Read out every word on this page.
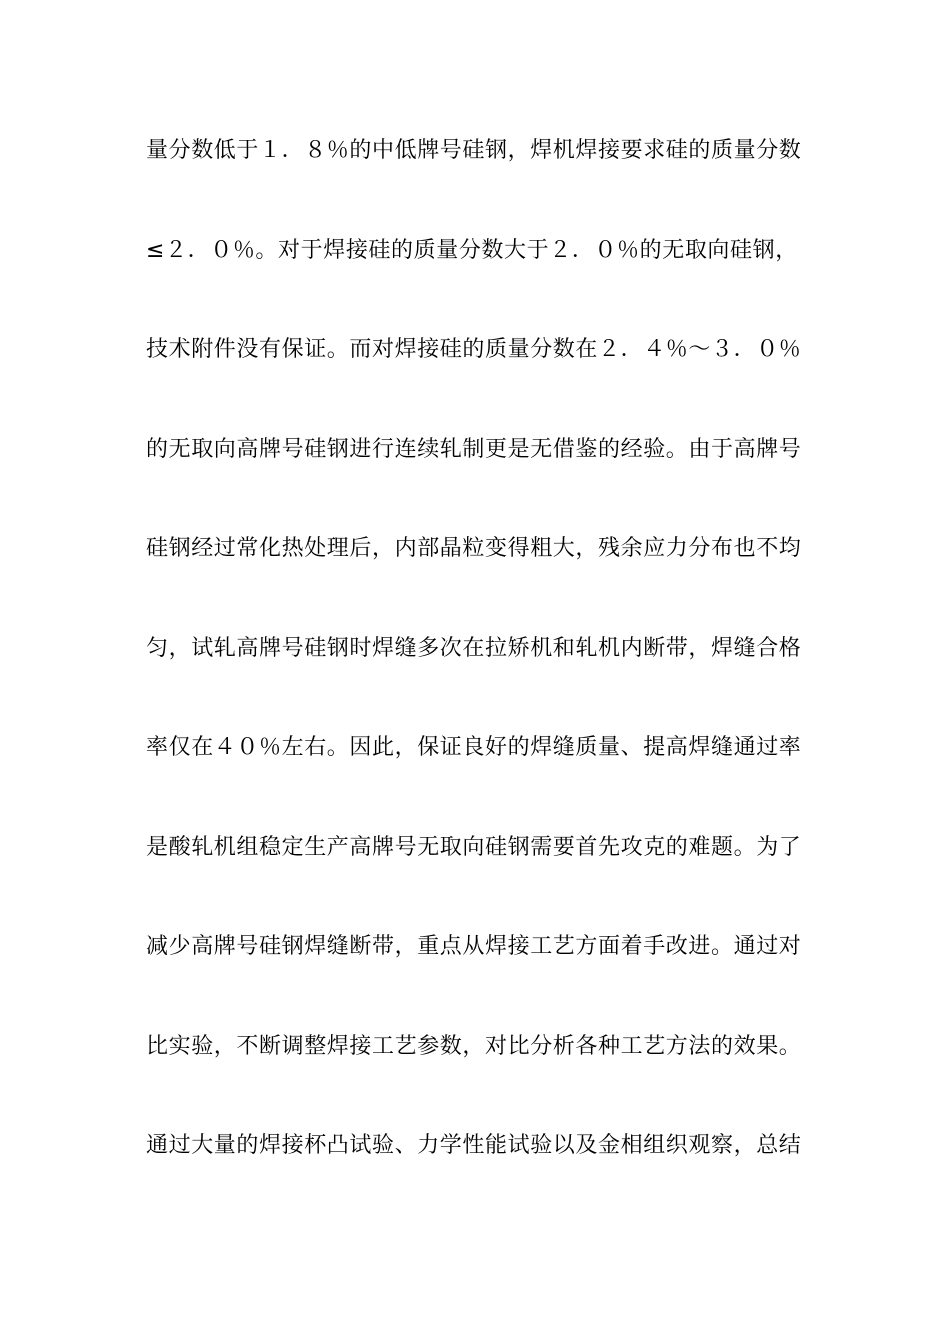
量分数低于１．８％的中低牌号硅钢，焊机焊接要求硅的质量分数
≤２．０％。对于焊接硅的质量分数大于２．０％的无取向硅钢，
技术附件没有保证。而对焊接硅的质量分数在２．４％～３．０％
的无取向高牌号硅钢进行连续轧制更是无借鉴的经验。由于高牌号
硅钢经过常化热处理后，内部晶粒变得粗大，残余应力分布也不均
匀，试轧高牌号硅钢时焊缝多次在拉矫机和轧机内断带，焊缝合格
率仅在４０％左右。因此，保证良好的焊缝质量、提高焊缝通过率
是酸轧机组稳定生产高牌号无取向硅钢需要首先攻克的难题。为了
减少高牌号硅钢焊缝断带，重点从焊接工艺方面着手改进。通过对
比实验，不断调整焊接工艺参数，对比分析各种工艺方法的效果。
通过大量的焊接杯凸试验、力学性能试验以及金相组织观察，总结
